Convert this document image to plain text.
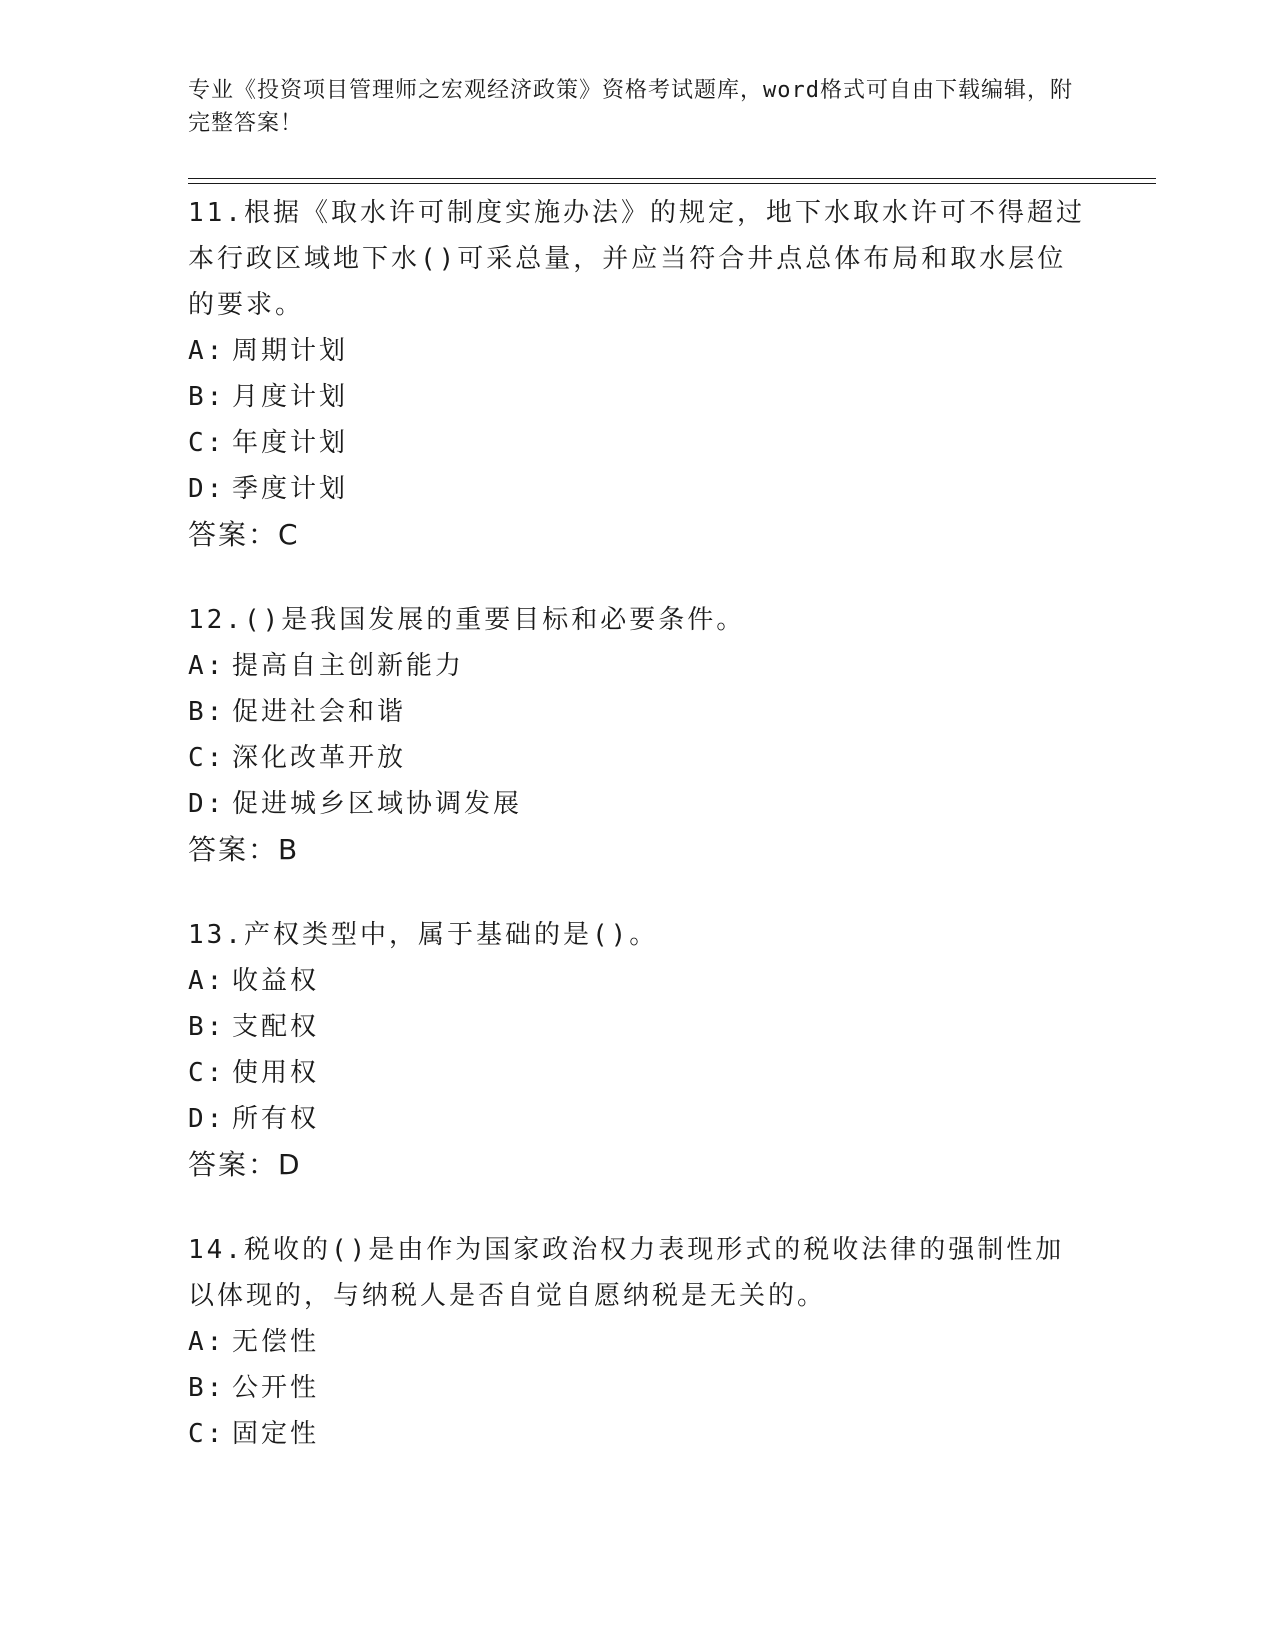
专业《投资项目管理师之宏观经济政策》资格考试题库，word格式可自由下载编辑，附完整答案！

11.根据《取水许可制度实施办法》的规定，地下水取水许可不得超过本行政区域地下水()可采总量，并应当符合井点总体布局和取水层位的要求。

A: 周期计划

B: 月度计划

C: 年度计划

D: 季度计划

答案：C

12.()是我国发展的重要目标和必要条件。

A: 提高自主创新能力

B: 促进社会和谐

C: 深化改革开放

D: 促进城乡区域协调发展

答案：B

13.产权类型中，属于基础的是()。

A: 收益权

B: 支配权

C: 使用权

D: 所有权

答案：D

14.税收的()是由作为国家政治权力表现形式的税收法律的强制性加以体现的，与纳税人是否自觉自愿纳税是无关的。

A: 无偿性

B: 公开性

C: 固定性
